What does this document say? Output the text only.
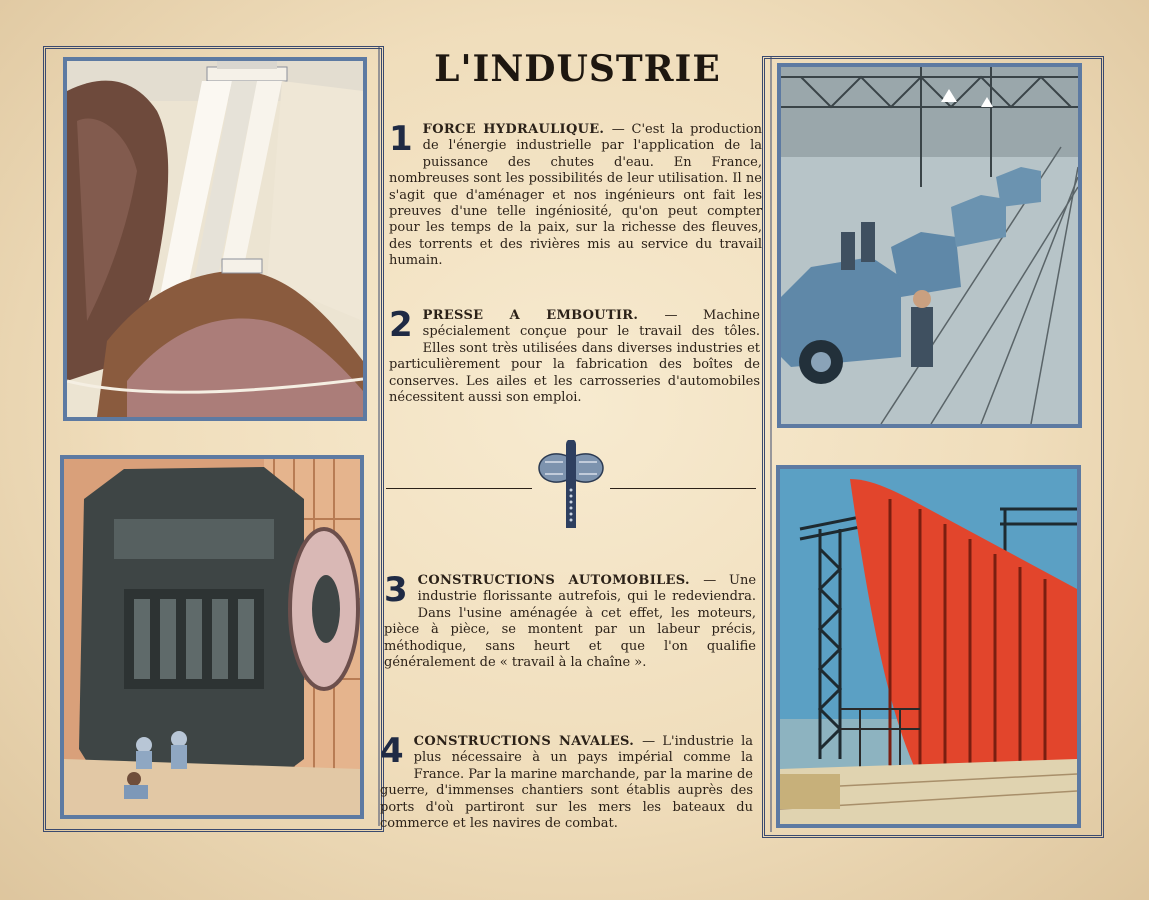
L'INDUSTRIE
1 FORCE HYDRAULIQUE. — C'est la production de l'énergie industrielle par l'application de la puissance des chutes d'eau. En France, nombreuses sont les possibilités de leur utilisation. Il ne s'agit que d'aménager et nos ingénieurs ont fait les preuves d'une telle ingéniosité, qu'on peut compter pour les temps de la paix, sur la richesse des fleuves, des torrents et des rivières mis au service du travail humain.
2 PRESSE A EMBOUTIR. — Machine spécialement conçue pour le travail des tôles. Elles sont très utilisées dans diverses industries et particulièrement pour la fabrication des boîtes de conserves. Les ailes et les carrosseries d'automobiles nécessitent aussi son emploi.
3 CONSTRUCTIONS AUTOMOBILES. — Une industrie florissante autrefois, qui le redeviendra. Dans l'usine aménagée à cet effet, les moteurs, pièce à pièce, se montent par un labeur précis, méthodique, sans heurt et que l'on qualifie généralement de « travail à la chaîne ».
4 CONSTRUCTIONS NAVALES. — L'industrie la plus nécessaire à un pays impérial comme la France. Par la marine marchande, par la marine de guerre, d'immenses chantiers sont établis auprès des ports d'où partiront sur les mers les bateaux du commerce et les navires de combat.
